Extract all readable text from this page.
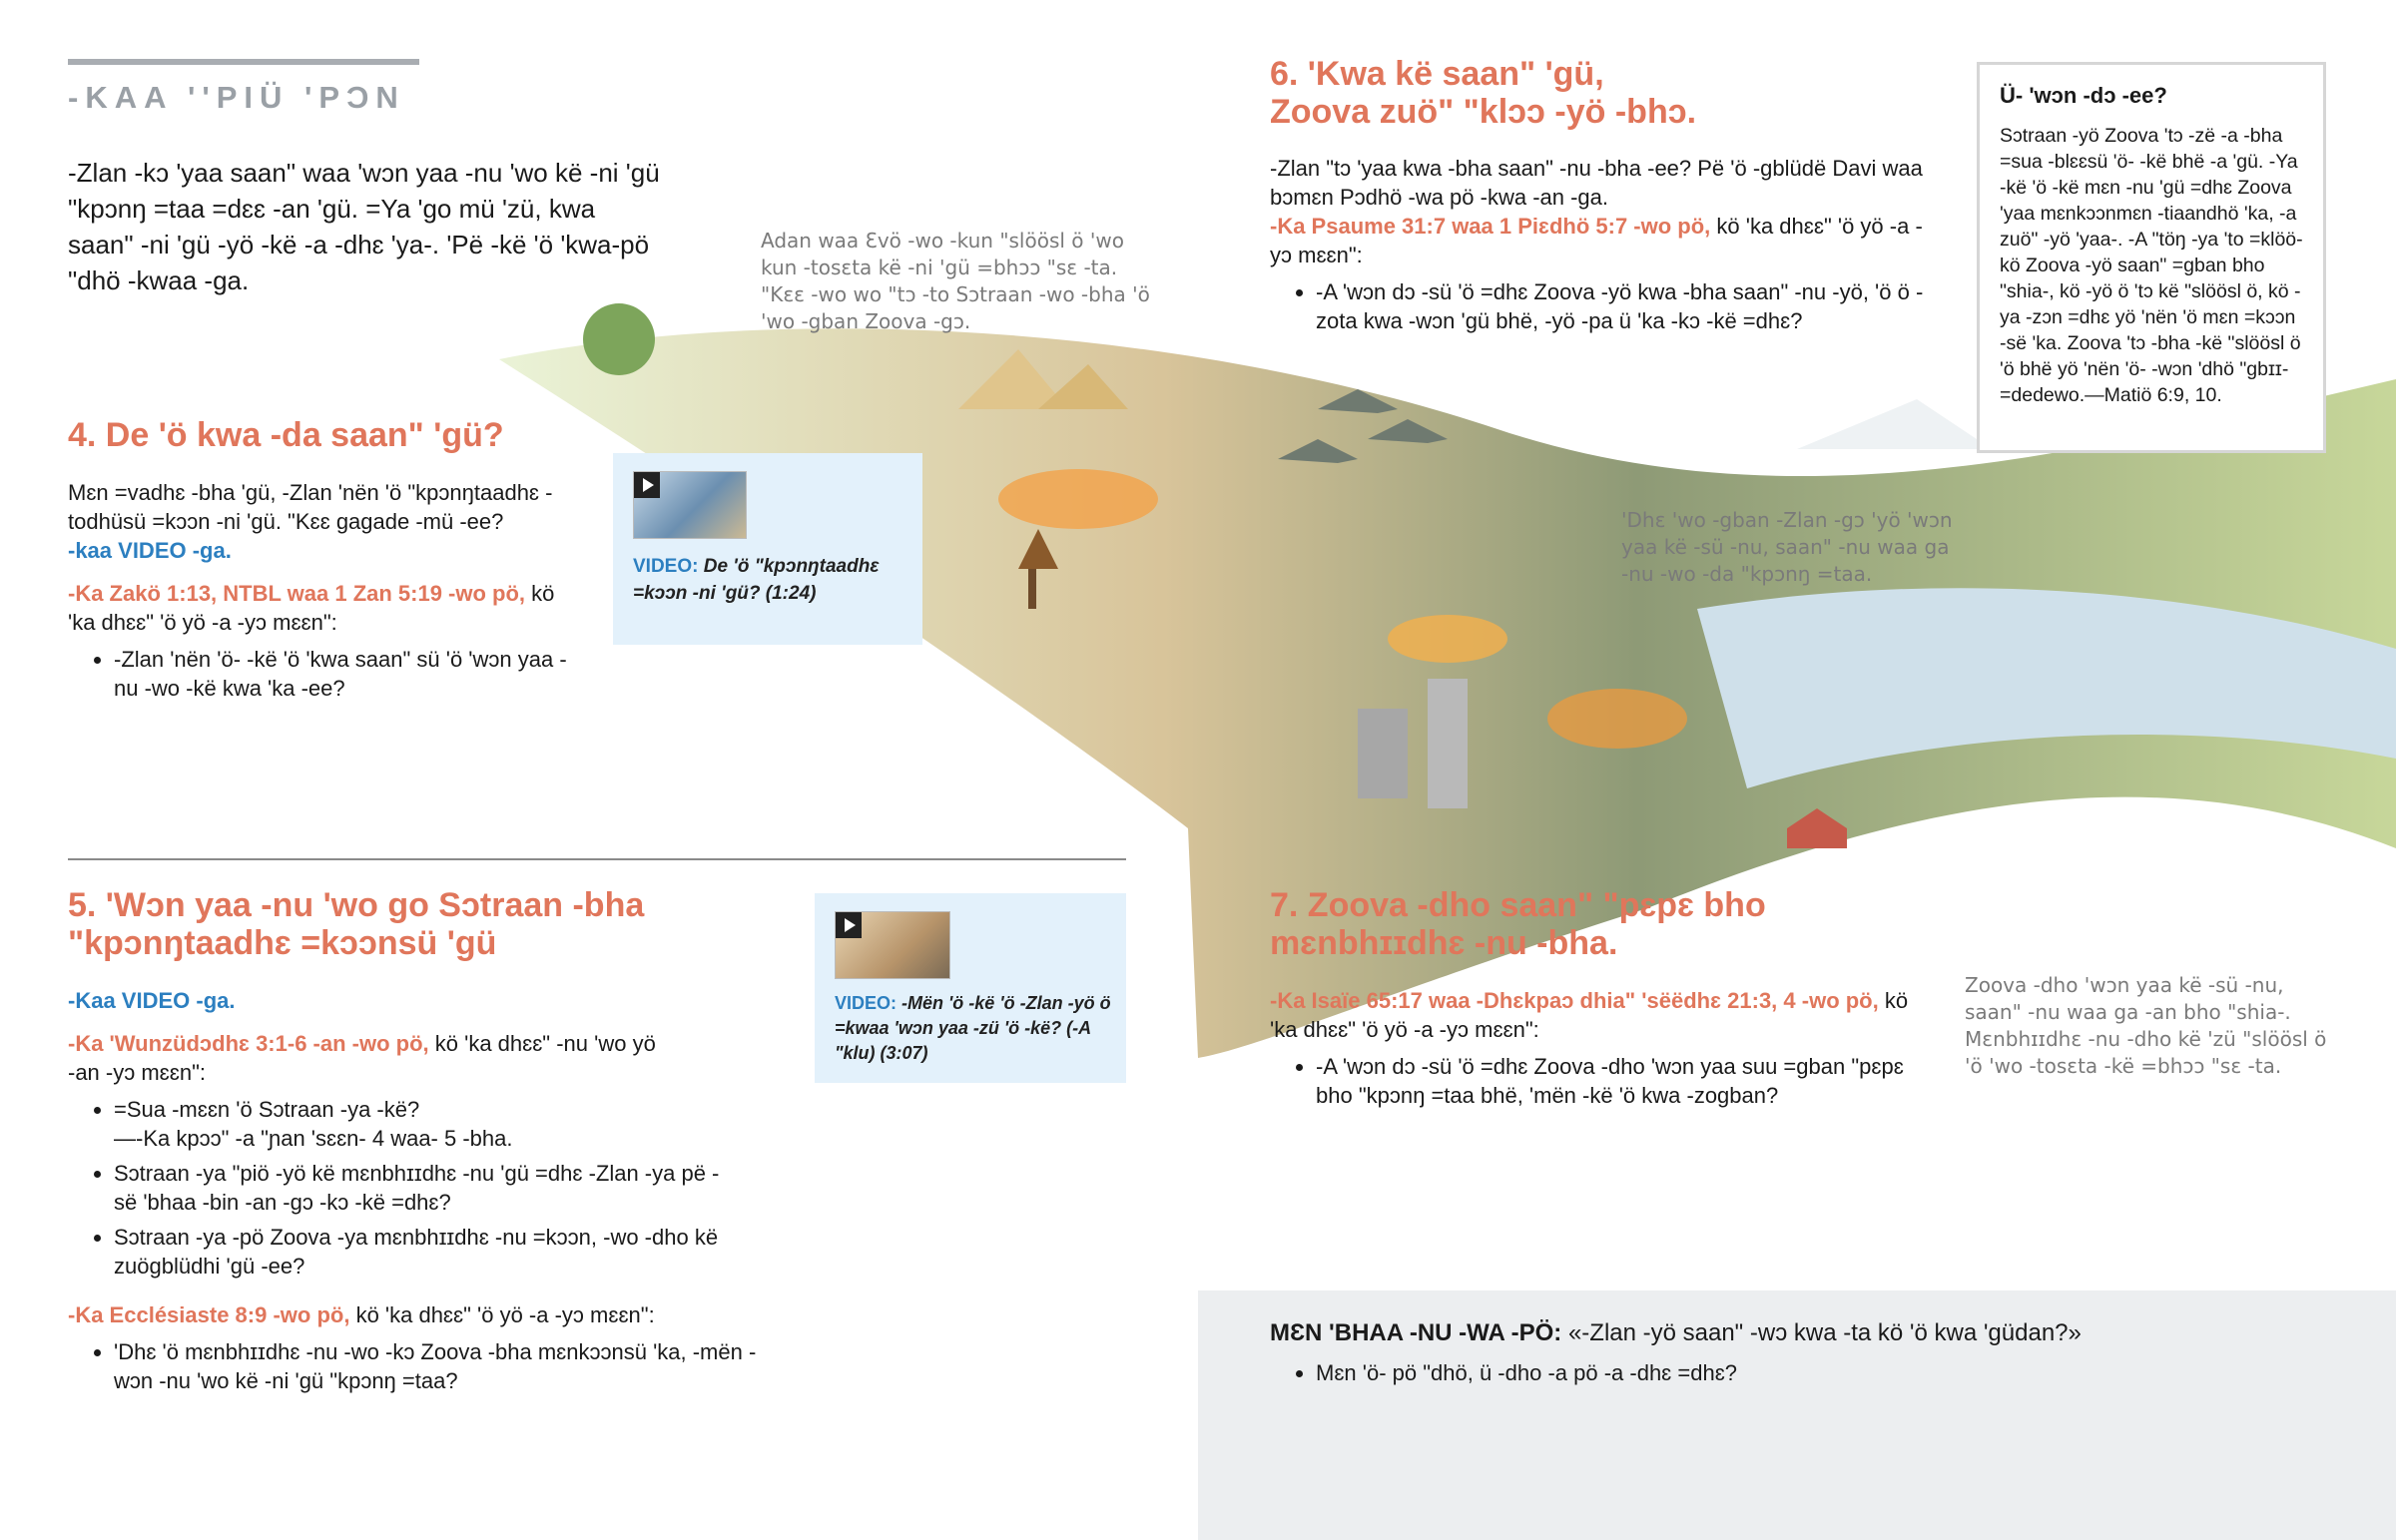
-KAA ''PIÜ 'PƆN
-Zlan -kɔ 'yaa saan" waa 'wɔn yaa -nu 'wo kë -ni 'gü "kpɔnŋ =taa =dɛɛ -an 'gü. =Ya 'go mü 'zü, kwa saan" -ni 'gü -yö -kë -a -dhɛ 'ya-. 'Pë -kë 'ö 'kwa-pö "dhö -kwaa -ga.
4. De 'ö kwa -da saan" 'gü?
Mɛn =vadhɛ -bha 'gü, -Zlan 'nën 'ö "kpɔnŋtaadhɛ -todhüsü =kɔɔn -ni 'gü. "Kɛɛ gagade -mü -ee?
-kaa VIDEO -ga.
-Ka Zakö 1:13, NTBL waa 1 Zan 5:19 -wo pö, kö 'ka dhɛɛ" 'ö yö -a -yɔ mɛɛn":
• -Zlan 'nën 'ö- -kë 'ö 'kwa saan" sü 'ö 'wɔn yaa -nu -wo -kë kwa 'ka -ee?
VIDEO: De 'ö "kpɔnŋtaadhɛ =kɔɔn -ni 'gü? (1:24)
Adan waa Ɛvö -wo -kun "slöösl ö 'wo kun -tosɛta kë -ni 'gü =bhɔɔ "sɛ -ta. "Kɛɛ -wo wo "tɔ -to Sɔtraan -wo -bha 'ö 'wo -gban Zoova -gɔ.
5. 'Wɔn yaa -nu 'wo go Sɔtraan -bha "kpɔnŋtaadhɛ =kɔɔnsü 'gü
-Kaa VIDEO -ga.
-Ka 'Wunzüdɔdhɛ 3:1-6 -an -wo pö, kö 'ka dhɛɛ" -nu 'wo yö -an -yɔ mɛɛn":
• =Sua -mɛɛn 'ö Sɔtraan -ya -kë?
—-Ka kpɔɔ" -a "ɲan 'sɛɛn- 4 waa- 5 -bha.
• Sɔtraan -ya "piö -yö kë mɛnbhɪɪdhɛ -nu 'gü =dhɛ -Zlan -ya pë -së 'bhaa -bin -an -gɔ -kɔ -kë =dhɛ?
• Sɔtraan -ya -pö Zoova -ya mɛnbhɪɪdhɛ -nu =kɔɔn, -wo -dho kë zuögblüdhi 'gü -ee?
-Ka Ecclésiaste 8:9 -wo pö, kö 'ka dhɛɛ" 'ö yö -a -yɔ mɛɛn":
• 'Dhɛ 'ö mɛnbhɪɪdhɛ -nu -wo -kɔ Zoova -bha mɛnkɔɔnsü 'ka, -mën -wɔn -nu 'wo kë -ni 'gü "kpɔnŋ =taa?
VIDEO: -Mën 'ö -kë 'ö -Zlan -yö ö =kwaa 'wɔn yaa -zü 'ö -kë? (-A "klu) (3:07)
6. 'Kwa kë saan" 'gü,
Zoova zuö" "klɔɔ -yö -bhɔ.
-Zlan "tɔ 'yaa kwa -bha saan" -nu -bha -ee? Pë 'ö -gblüdë Davi waa bɔmɛn Pɔdhö -wa pö -kwa -an -ga.
-Ka Psaume 31:7 waa 1 Piɛdhö 5:7 -wo pö, kö 'ka dhɛɛ" 'ö yö -a -yɔ mɛɛn":
• -A 'wɔn dɔ -sü 'ö =dhɛ Zoova -yö kwa -bha saan" -nu -yö, 'ö ö -zota kwa -wɔn 'gü bhë, -yö -pa ü 'ka -kɔ -kë =dhɛ?
Ü- 'wɔn -dɔ -ee?
Sɔtraan -yö Zoova 'tɔ -zë -a -bha =sua -blɛɛsü 'ö- -kë bhë -a 'gü. -Ya -kë 'ö -kë mɛn -nu 'gü =dhɛ Zoova 'yaa mɛnkɔɔnmɛn -tiaandhö 'ka, -a zuö" -yö 'yaa-. -A "töŋ -ya 'to =klöö- kö Zoova -yö saan" =gban bho "shia-, kö -yö ö 'tɔ kë "slöösl ö, kö -ya -zɔn =dhɛ yö 'nën 'ö mɛn =kɔɔn -së 'ka. Zoova 'tɔ -bha -kë "slöösl ö 'ö bhë yö 'nën 'ö- -wɔn 'dhö "gbɪɪ- =dedewo.—Matiö 6:9, 10.
'Dhɛ 'wo -gban -Zlan -gɔ 'yö 'wɔn yaa kë -sü -nu, saan" -nu waa ga -nu -wo -da "kpɔnŋ =taa.
7. Zoova -dho saan" "pɛpɛ bho mɛnbhɪɪdhɛ -nu -bha.
-Ka Isaïe 65:17 waa -Dhɛkpaɔ dhia" 'sëëdhɛ 21:3, 4 -wo pö, kö 'ka dhɛɛ" 'ö yö -a -yɔ mɛɛn":
• -A 'wɔn dɔ -sü 'ö =dhɛ Zoova -dho 'wɔn yaa suu =gban "pɛpɛ bho "kpɔnŋ =taa bhë, 'mën -kë 'ö kwa -zogban?
Zoova -dho 'wɔn yaa kë -sü -nu, saan" -nu waa ga -an bho "shia-. Mɛnbhɪɪdhɛ -nu -dho kë 'zü "slöösl ö 'ö 'wo -tosɛta -kë =bhɔɔ "sɛ -ta.
MƐN 'BHAA -NU -WA -PÖ: «-Zlan -yö saan" -wɔ kwa -ta kö 'ö kwa 'güdan?»
• Mɛn 'ö- pö "dhö, ü -dho -a pö -a -dhɛ =dhɛ?
